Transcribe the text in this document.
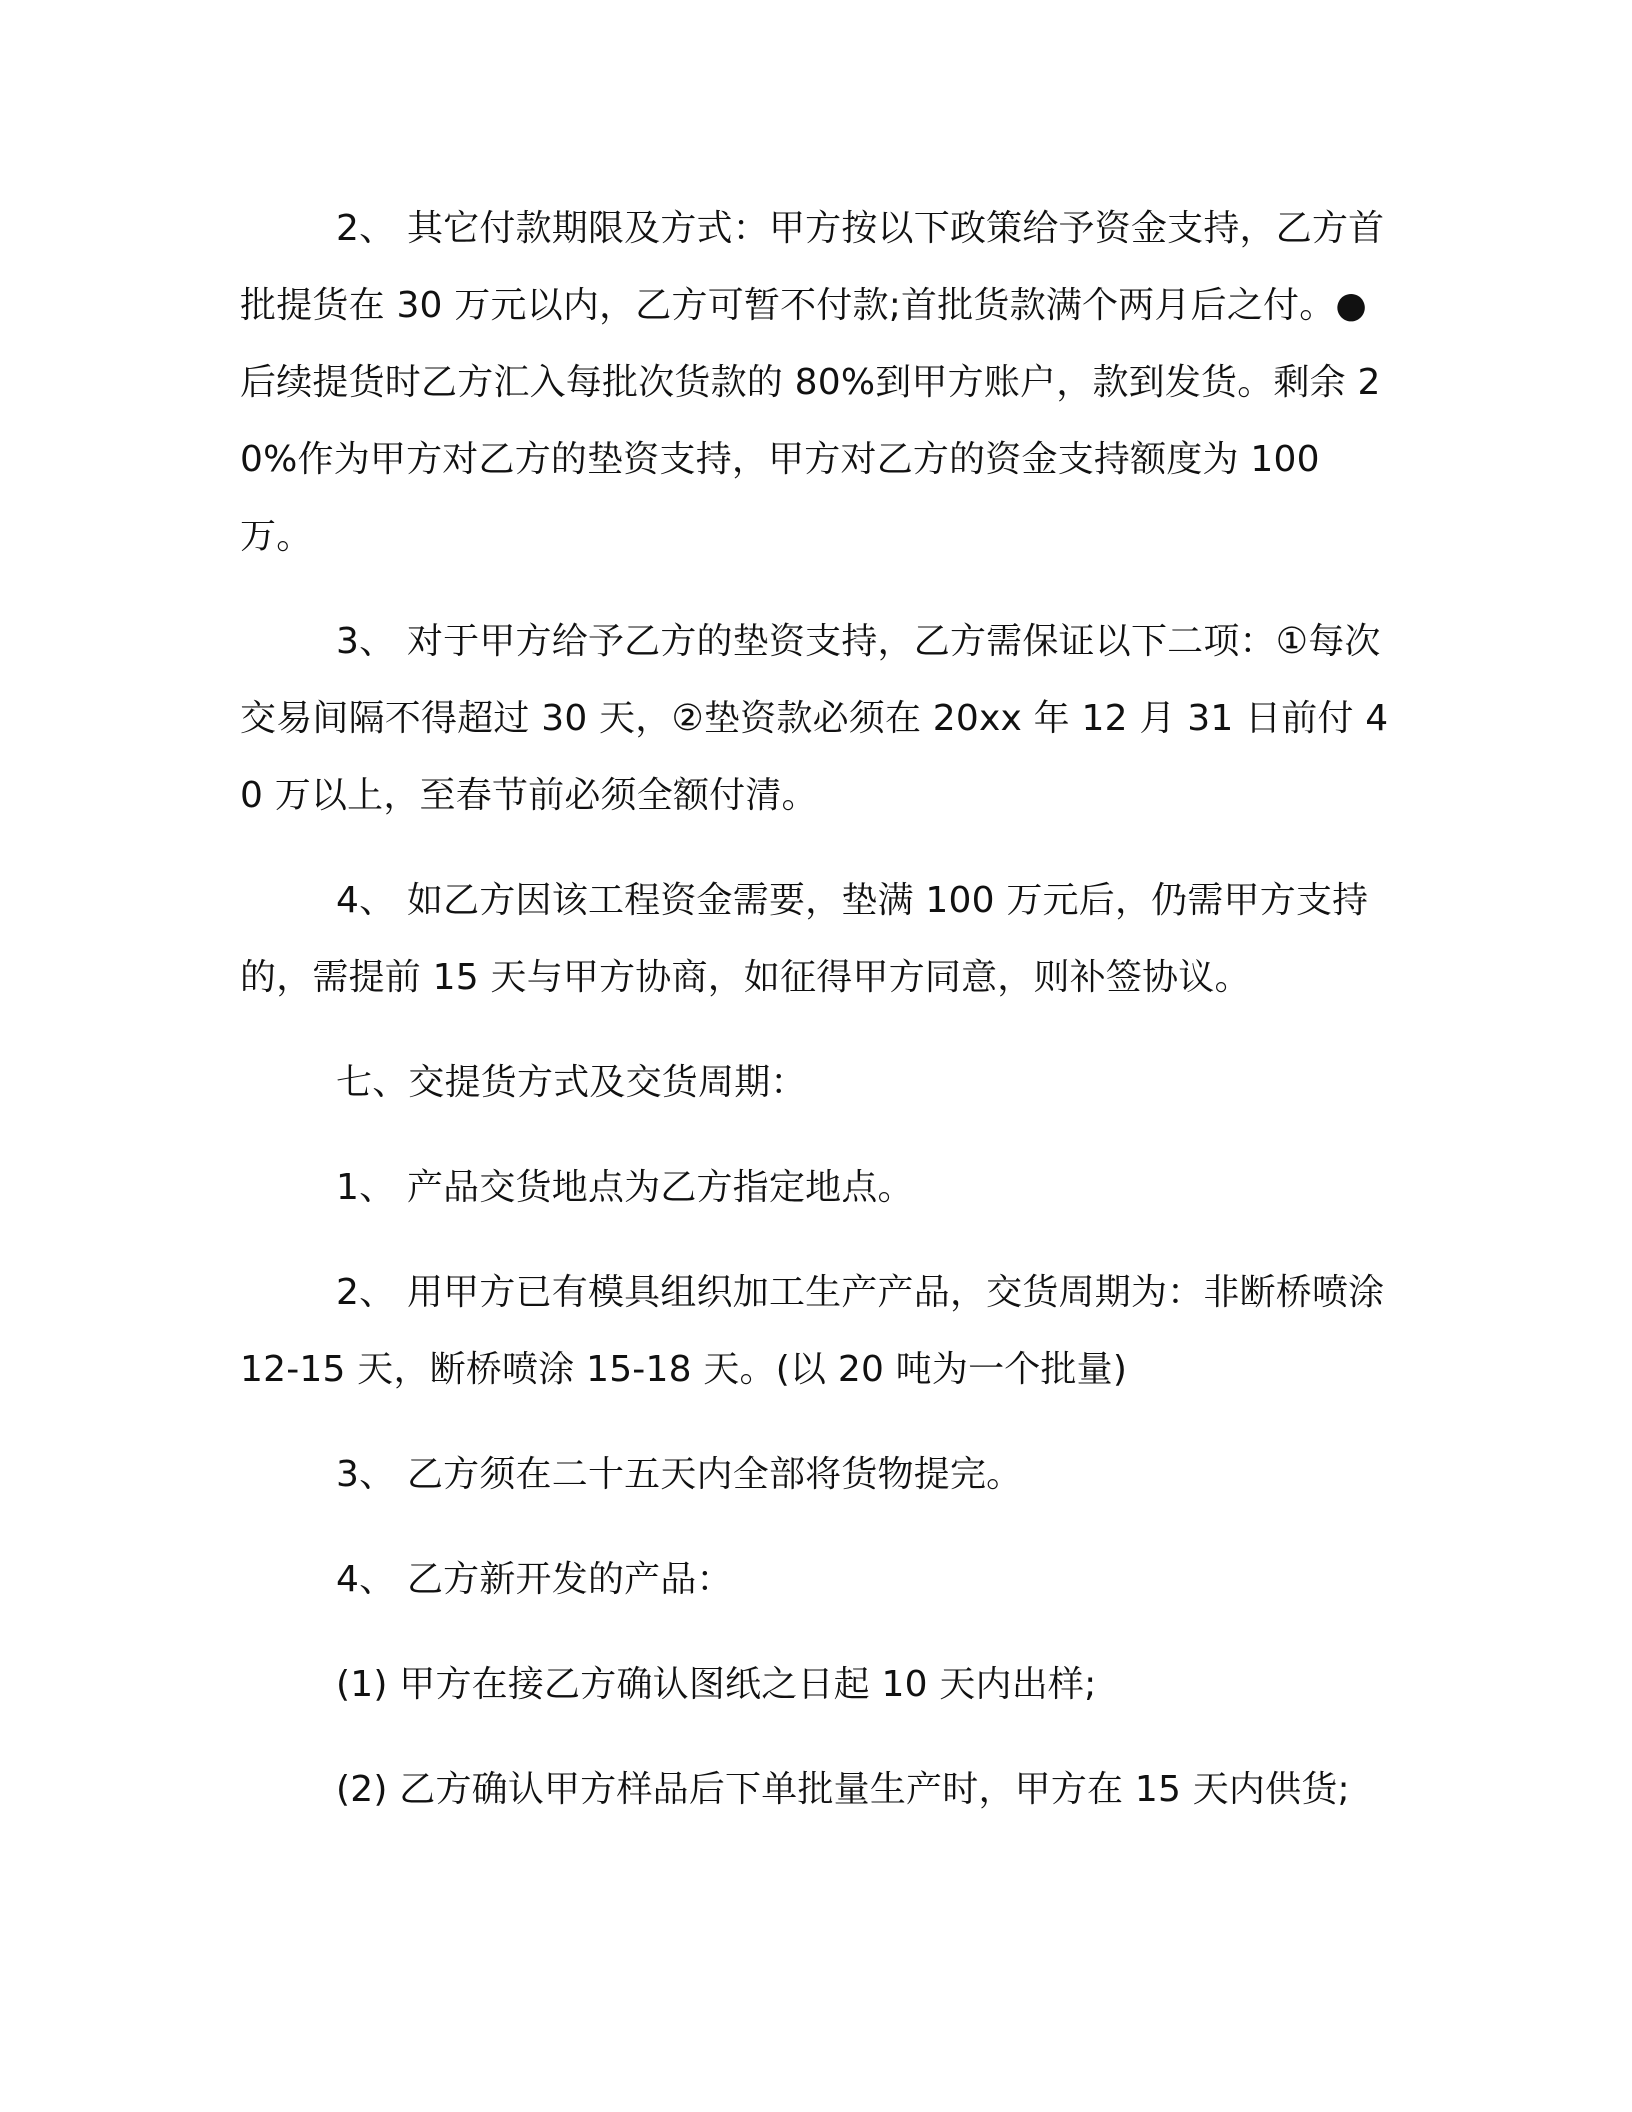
2、 其它付款期限及方式：甲方按以下政策给予资金支持，乙方首批提货在 30 万元以内，乙方可暂不付款;首批货款满个两月后之付。●后续提货时乙方汇入每批次货款的 80%到甲方账户，款到发货。剩余 20%作为甲方对乙方的垫资支持，甲方对乙方的资金支持额度为 100 万。

3、 对于甲方给予乙方的垫资支持，乙方需保证以下二项：①每次交易间隔不得超过 30 天，②垫资款必须在 20xx 年 12 月 31 日前付 40 万以上，至春节前必须全额付清。

4、 如乙方因该工程资金需要，垫满 100 万元后，仍需甲方支持的，需提前 15 天与甲方协商，如征得甲方同意，则补签协议。

七、交提货方式及交货周期：

1、 产品交货地点为乙方指定地点。

2、 用甲方已有模具组织加工生产产品，交货周期为：非断桥喷涂 12-15 天，断桥喷涂 15-18 天。(以 20 吨为一个批量)

3、 乙方须在二十五天内全部将货物提完。

4、 乙方新开发的产品：

(1) 甲方在接乙方确认图纸之日起 10 天内出样;

(2) 乙方确认甲方样品后下单批量生产时，甲方在 15 天内供货;
